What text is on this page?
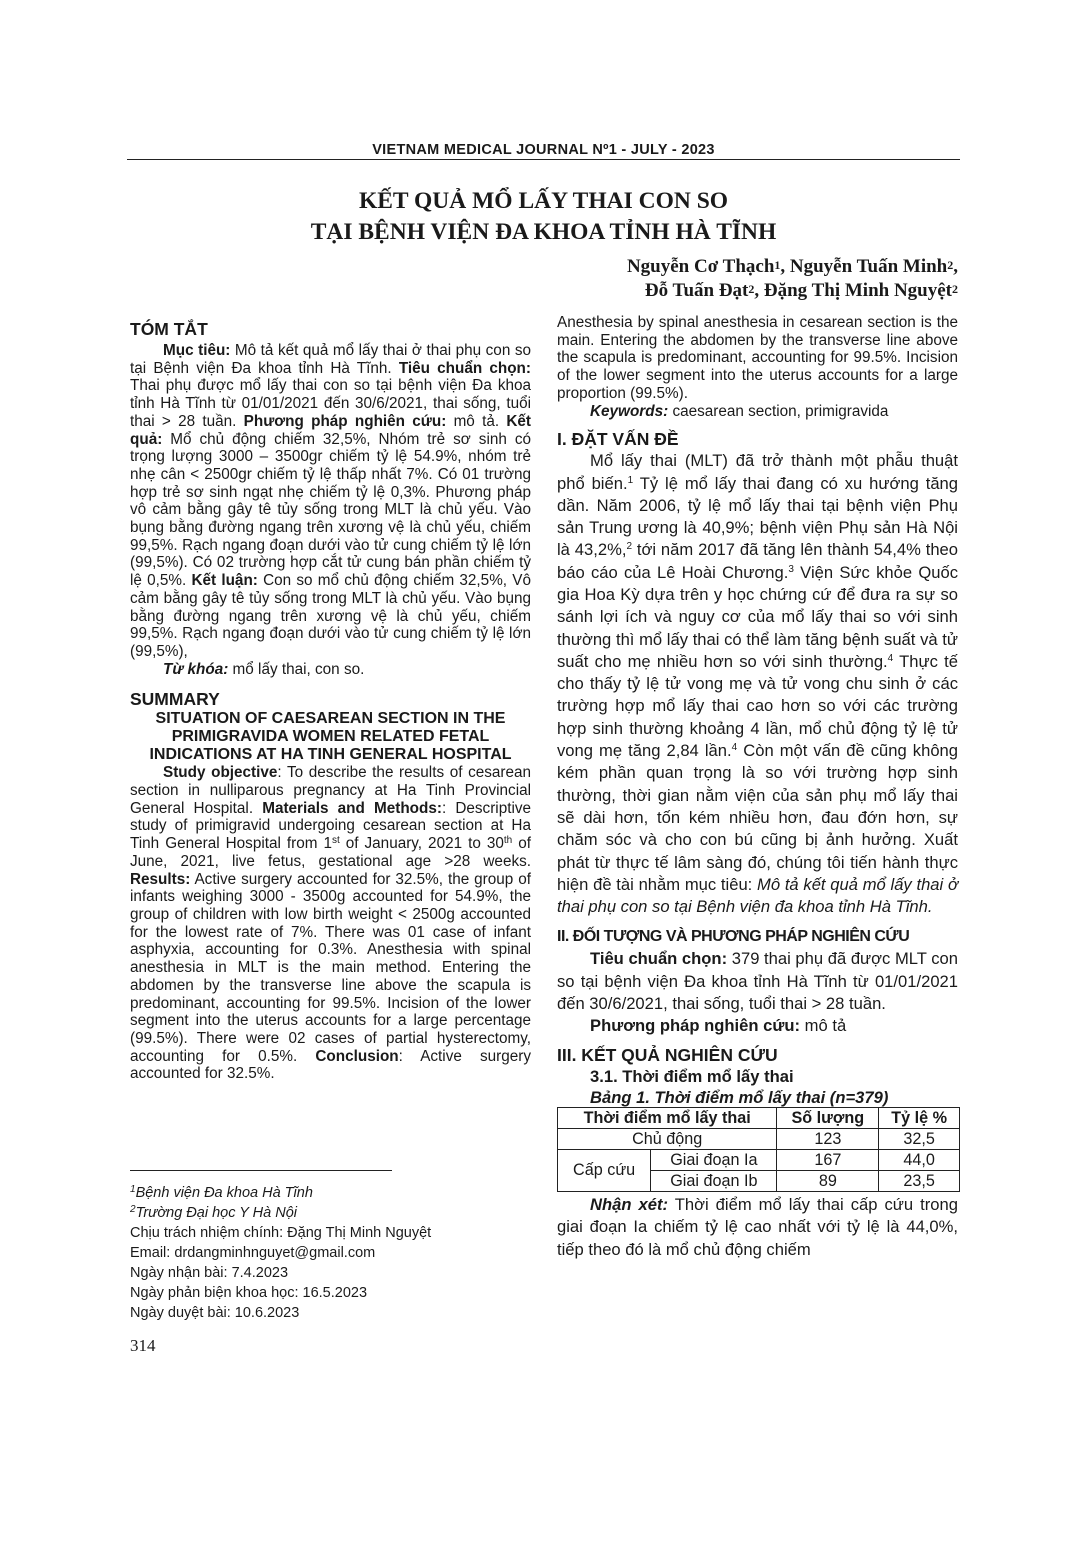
VIETNAM MEDICAL JOURNAL Nº1 - JULY - 2023
KẾT QUẢ MỔ LẤY THAI CON SO
TẠI BỆNH VIỆN ĐA KHOA TỈNH HÀ TĨNH
Nguyễn Cơ Thạch$^1$, Nguyễn Tuấn Minh$^2$,
Đỗ Tuấn Đạt$^2$, Đặng Thị Minh Nguyệt$^2$
TÓM TẮT
Mục tiêu: Mô tả kết quả mổ lấy thai ở thai phụ con so tại Bệnh viện Đa khoa tỉnh Hà Tĩnh. Tiêu chuẩn chọn: Thai phụ được mổ lấy thai con so tại bệnh viện Đa khoa tỉnh Hà Tĩnh từ 01/01/2021 đến 30/6/2021, thai sống, tuổi thai > 28 tuần. Phương pháp nghiên cứu: mô tả. Kết quả: Mổ chủ động chiếm 32,5%, Nhóm trẻ sơ sinh có trọng lượng 3000 – 3500gr chiếm tỷ lệ 54.9%, nhóm trẻ nhẹ cân < 2500gr chiếm tỷ lệ thấp nhất 7%. Có 01 trường hợp trẻ sơ sinh ngạt nhẹ chiếm tỷ lệ 0,3%. Phương pháp vô cảm bằng gây tê tủy sống trong MLT là chủ yếu. Vào bụng bằng đường ngang trên xương vệ là chủ yếu, chiếm 99,5%. Rạch ngang đoạn dưới vào tử cung chiếm tỷ lệ lớn (99,5%). Có 02 trường hợp cắt tử cung bán phần chiếm tỷ lệ 0,5%. Kết luận: Con so mổ chủ động chiếm 32,5%, Vô cảm bằng gây tê tủy sống trong MLT là chủ yếu. Vào bụng bằng đường ngang trên xương vệ là chủ yếu, chiếm 99,5%. Rạch ngang đoạn dưới vào tử cung chiếm tỷ lệ lớn (99,5%),
Từ khóa: mổ lấy thai, con so.
SUMMARY
SITUATION OF CAESAREAN SECTION IN THE PRIMIGRAVIDA WOMEN RELATED FETAL INDICATIONS AT HA TINH GENERAL HOSPITAL
Study objective: To describe the results of cesarean section in nulliparous pregnancy at Ha Tinh Provincial General Hospital. Materials and Methods:: Descriptive study of primigravid undergoing cesarean section at Ha Tinh General Hospital from 1st of January, 2021 to 30th of June, 2021, live fetus, gestational age >28 weeks. Results: Active surgery accounted for 32.5%, the group of infants weighing 3000 - 3500g accounted for 54.9%, the group of children with low birth weight < 2500g accounted for the lowest rate of 7%. There was 01 case of infant asphyxia, accounting for 0.3%. Anesthesia with spinal anesthesia in MLT is the main method. Entering the abdomen by the transverse line above the scapula is predominant, accounting for 99.5%. Incision of the lower segment into the uterus accounts for a large percentage (99.5%). There were 02 cases of partial hysterectomy, accounting for 0.5%. Conclusion: Active surgery accounted for 32.5%.
$^1$Bệnh viện Đa khoa Hà Tĩnh
$^2$Trường Đại học Y Hà Nội
Chịu trách nhiệm chính: Đặng Thị Minh Nguyệt
Email: drdangminhnguyet@gmail.com
Ngày nhận bài: 7.4.2023
Ngày phản biện khoa học: 16.5.2023
Ngày duyệt bài: 10.6.2023
314
Anesthesia by spinal anesthesia in cesarean section is the main. Entering the abdomen by the transverse line above the scapula is predominant, accounting for 99.5%. Incision of the lower segment into the uterus accounts for a large proportion (99.5%).
Keywords: caesarean section, primigravida
I. ĐẶT VẤN ĐỀ
Mổ lấy thai (MLT) đã trở thành một phẫu thuật phổ biến.$^1$ Tỷ lệ mổ lấy thai đang có xu hướng tăng dần. Năm 2006, tỷ lệ mổ lấy thai tại bệnh viện Phụ sản Trung ương là 40,9%; bệnh viện Phụ sản Hà Nội là 43,2%,$^2$ tới năm 2017 đã tăng lên thành 54,4% theo báo cáo của Lê Hoài Chương.$^3$ Viện Sức khỏe Quốc gia Hoa Kỳ dựa trên y học chứng cứ để đưa ra sự so sánh lợi ích và nguy cơ của mổ lấy thai so với sinh thường thì mổ lấy thai có thể làm tăng bệnh suất và tử suất cho mẹ nhiều hơn so với sinh thường.$^4$ Thực tế cho thấy tỷ lệ tử vong mẹ và tử vong chu sinh ở các trường hợp mổ lấy thai cao hơn so với các trường hợp sinh thường khoảng 4 lần, mổ chủ động tỷ lệ tử vong mẹ tăng 2,84 lần.$^4$ Còn một vấn đề cũng không kém phần quan trọng là so với trường hợp sinh thường, thời gian nằm viện của sản phụ mổ lấy thai sẽ dài hơn, tốn kém nhiều hơn, đau đớn hơn, sự chăm sóc và cho con bú cũng bị ảnh hưởng. Xuất phát từ thực tế lâm sàng đó, chúng tôi tiến hành thực hiện đề tài nhằm mục tiêu: Mô tả kết quả mổ lấy thai ở thai phụ con so tại Bệnh viện đa khoa tỉnh Hà Tĩnh.
II. ĐỐI TƯỢNG VÀ PHƯƠNG PHÁP NGHIÊN CỨU
Tiêu chuẩn chọn: 379 thai phụ đã được MLT con so tại bệnh viện Đa khoa tỉnh Hà Tĩnh từ 01/01/2021 đến 30/6/2021, thai sống, tuổi thai > 28 tuần.
Phương pháp nghiên cứu: mô tả
III. KẾT QUẢ NGHIÊN CỨU
3.1. Thời điểm mổ lấy thai
Bảng 1. Thời điểm mổ lấy thai (n=379)
Thời điểm mổ lấy thai		Số lượng	Tỷ lệ %
Chủ động		123	32,5
Cấp cứu	Giai đoạn Ia	167	44,0
	Giai đoạn Ib	89	23,5
Nhận xét: Thời điểm mổ lấy thai cấp cứu trong giai đoạn Ia chiếm tỷ lệ cao nhất với tỷ lệ là 44,0%, tiếp theo đó là mổ chủ động chiếm
